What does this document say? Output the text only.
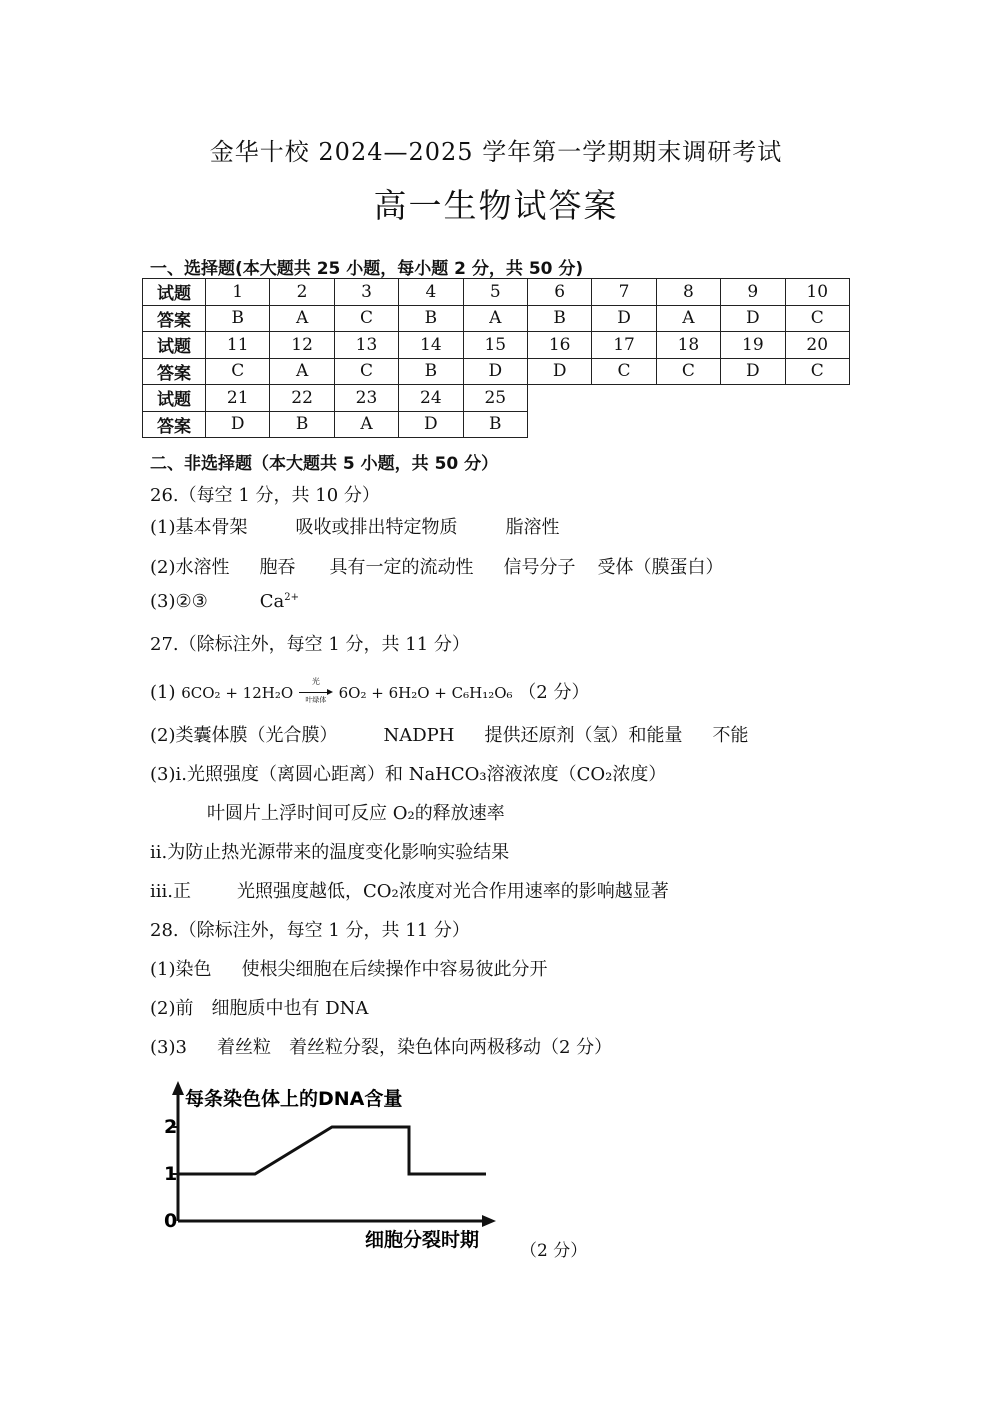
金华十校 2024—2025 学年第一学期期末调研考试
高一生物试答案
一、选择题(本大题共 25 小题，每小题 2 分，共 50 分)
试题	1	2	3	4	5	6	7	8	9	10
答案	B	A	C	B	A	B	D	A	D	C
试题	11	12	13	14	15	16	17	18	19	20
答案	C	A	C	B	D	D	C	C	D	C
试题	21	22	23	24	25					
答案	D	B	A	D	B					
二、非选择题（本大题共 5 小题，共 50 分）
26.（每空 1 分，共 10 分）
(1)基本骨架	吸收或排出特定物质	脂溶性
(2)水溶性 胞吞 具有一定的流动性 信号分子 受体（膜蛋白）
(3)②③	$Ca^{2+}$
27.（除标注外，每空 1 分，共 11 分）
(1) 6CO₂ + 12H₂O
光
叶绿体 6O₂ + 6H₂O + C₆H₁₂O₆ （2 分）
(2)类囊体膜（光合膜）	NADPH 提供还原剂（氢）和能量 不能
(3)ⅰ.光照强度（离圆心距离）和 NaHCO₃溶液浓度（CO₂浓度）
叶圆片上浮时间可反应 O₂的释放速率
ⅱ.为防止热光源带来的温度变化影响实验结果
ⅲ.正	光照强度越低，CO₂浓度对光合作用速率的影响越显著
28.（除标注外，每空 1 分，共 11 分）
(1)染色 使根尖细胞在后续操作中容易彼此分开
(2)前 细胞质中也有 DNA
(3)3 着丝粒 着丝粒分裂，染色体向两极移动（2 分）
每条染色体上的DNA含量
细胞分裂时期
0
1
2
（2 分）
